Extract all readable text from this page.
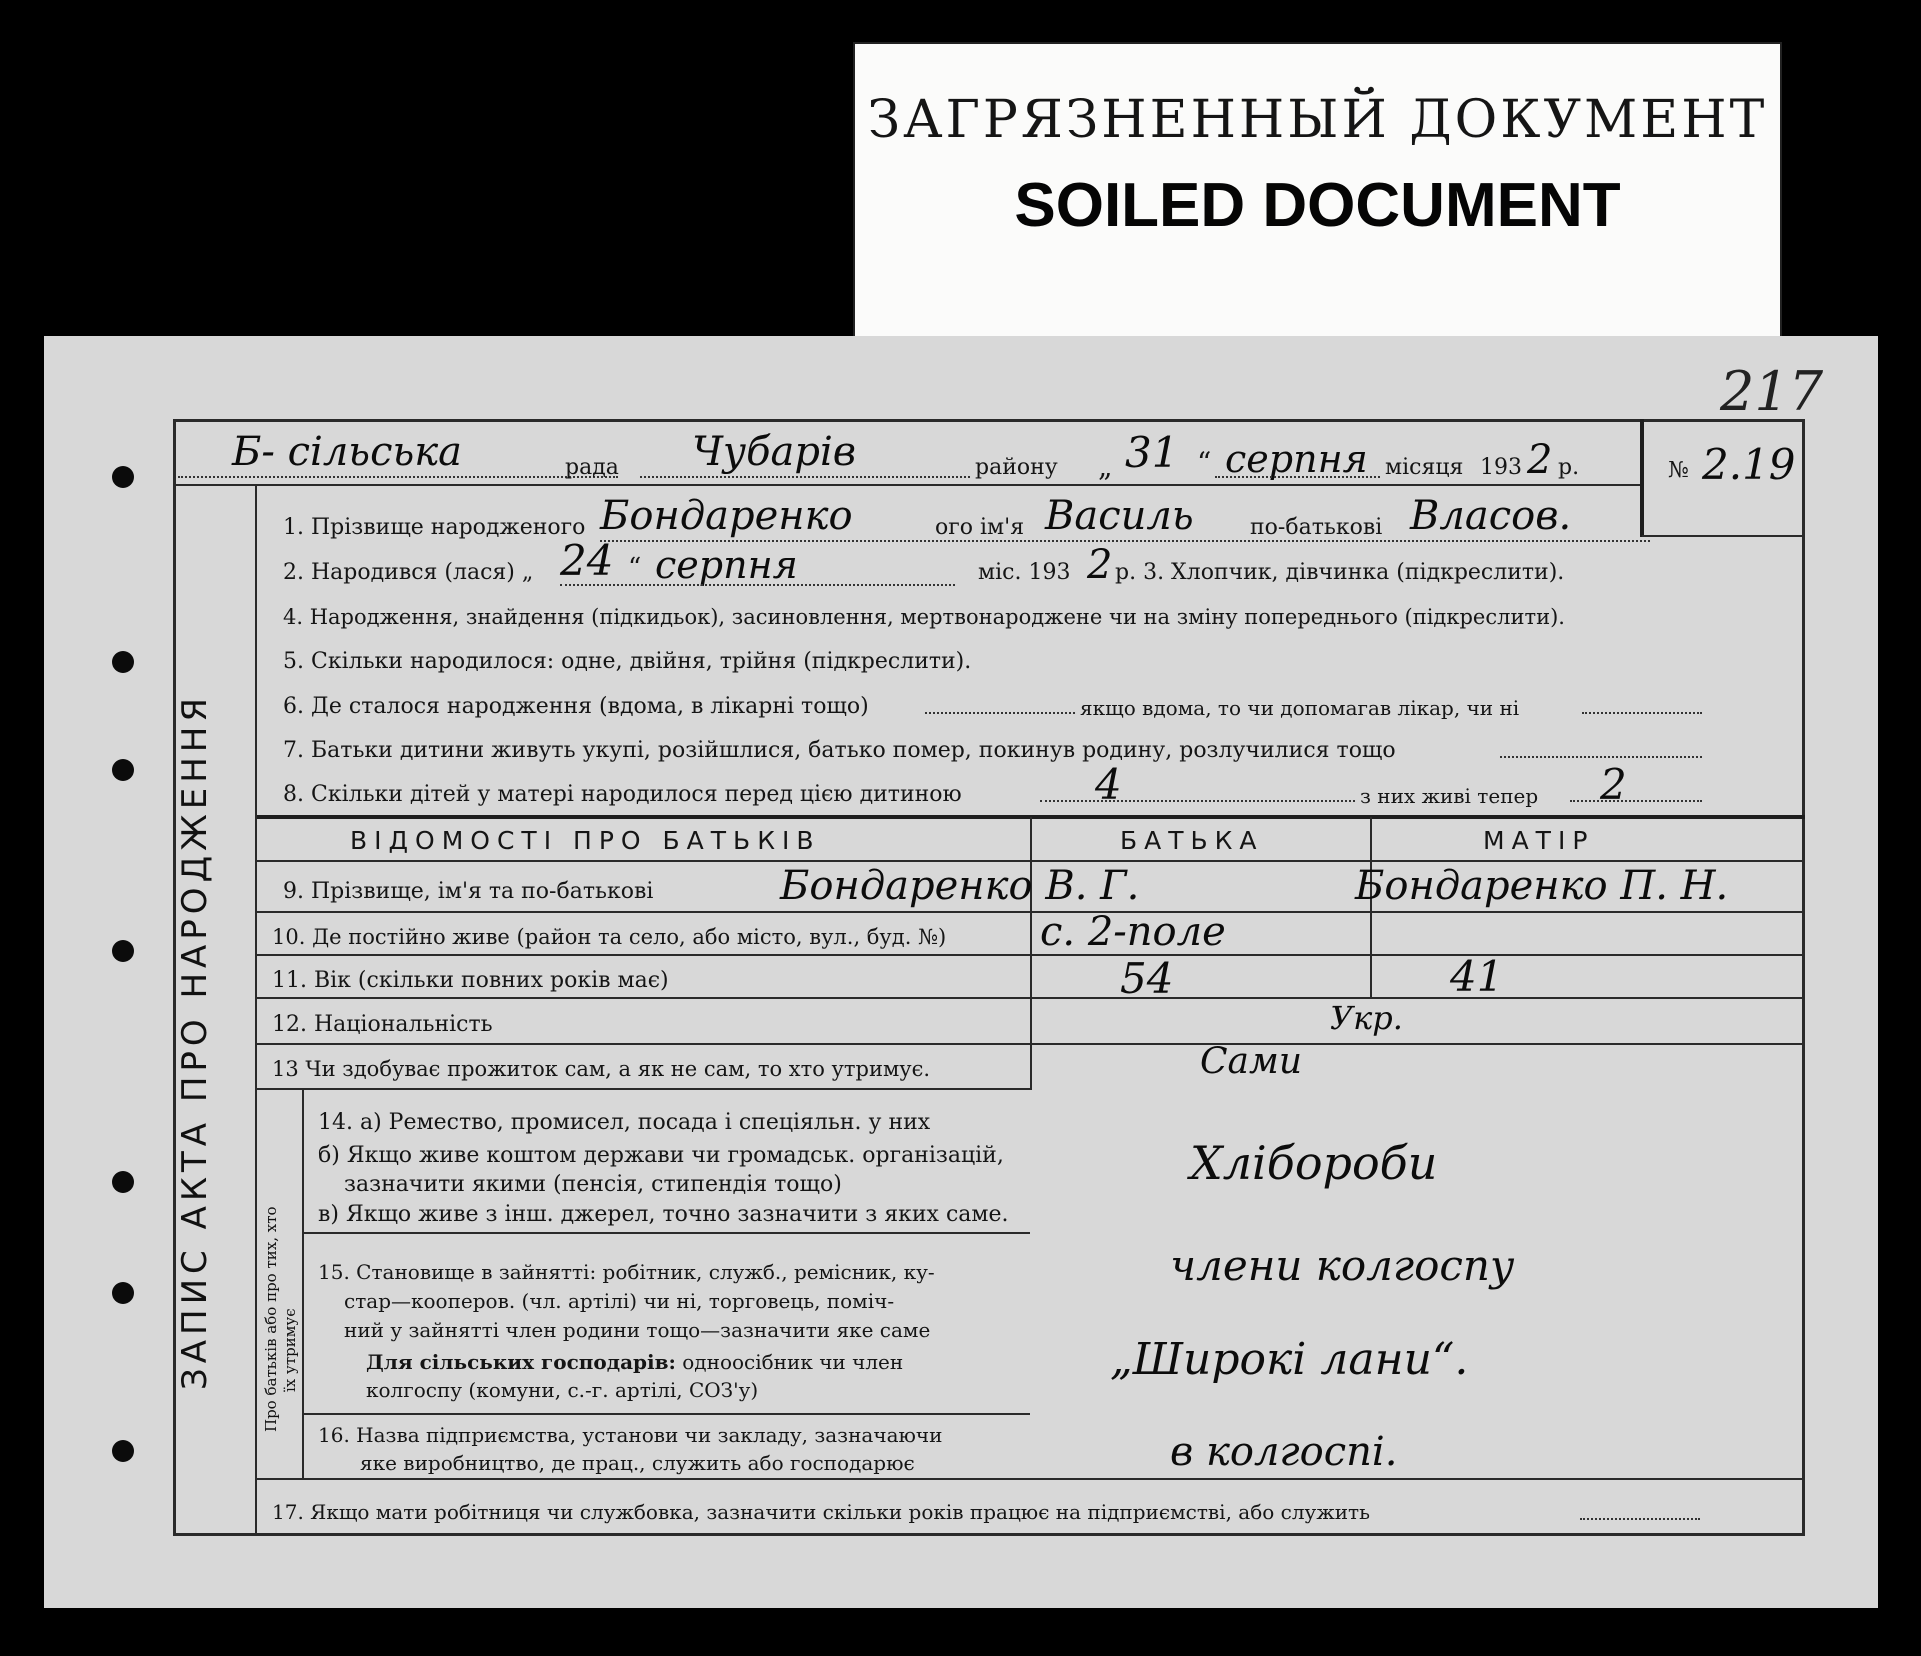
ЗАГРЯЗНЕННЫЙ ДОКУМЕНТ
SOILED DOCUMENT
217
ЗАПИС АКТА ПРО НАРОДЖЕННЯ	Про батьків або про тих, хто їх утримує
Б- сільська	рада Чубарів	району „ 31 “ серпня місяця 193 2 р.	№ 2.19
1. Прізвище народженого Бондаренко	ого ім'я Василь	по-батькові Власов.
2. Народився (лася) „ 24 “ серпня	міс. 193 2 р. 3. Хлопчик, дівчинка (підкреслити).
4. Народження, знайдення (підкидьок), засиновлення, мертвонароджене чи на зміну попереднього (підкреслити).
5. Скільки народилося: одне, двійня, трійня (підкреслити).
6. Де сталося народження (вдома, в лікарні тощо)	якщо вдома, то чи допомагав лікар, чи ні
7. Батьки дитини живуть укупі, розійшлися, батько помер, покинув родину, розлучилися тощо
8. Скільки дітей у матері народилося перед цією дитиною	4	з них живі тепер 2
ВІДОМОСТІ ПРО БАТЬКІВ	БАТЬКА	МАТІР
9. Прізвище, ім'я та по-батькові	Бондаренко В. Г.	Бондаренко П. Н.
10. Де постійно живе (район та село, або місто, вул., буд. №) с. 2-поле
11. Вік (скільки повних років має)	54	41
12. Національність	Укр.
13 Чи здобуває прожиток сам, а як не сам, то хто утримує.	Сами
14. а) Ремество, промисел, посада і спеціяльн. у них
б) Якщо живе коштом держави чи громадськ. організацій,
зазначити якими (пенсія, стипендія тощо)
в) Якщо живе з інш. джерел, точно зазначити з яких саме.
Хлібороби
15. Становище в зайнятті: робітник, служб., ремісник, ку-
стар—кооперов. (чл. артілі) чи ні, торговець, поміч-
ний у зайнятті член родини тощо—зазначити яке саме
Для сільських господарів: одноосібник чи член
колгоспу (комуни, с.-г. артілі, СОЗ'у)
члени колгоспу
„Широкі лани“.
16. Назва підприємства, установи чи закладу, зазначаючи
яке виробництво, де прац., служить або господарює	в колгоспі.
17. Якщо мати робітниця чи службовка, зазначити скільки років працює на підприємстві, або служить
